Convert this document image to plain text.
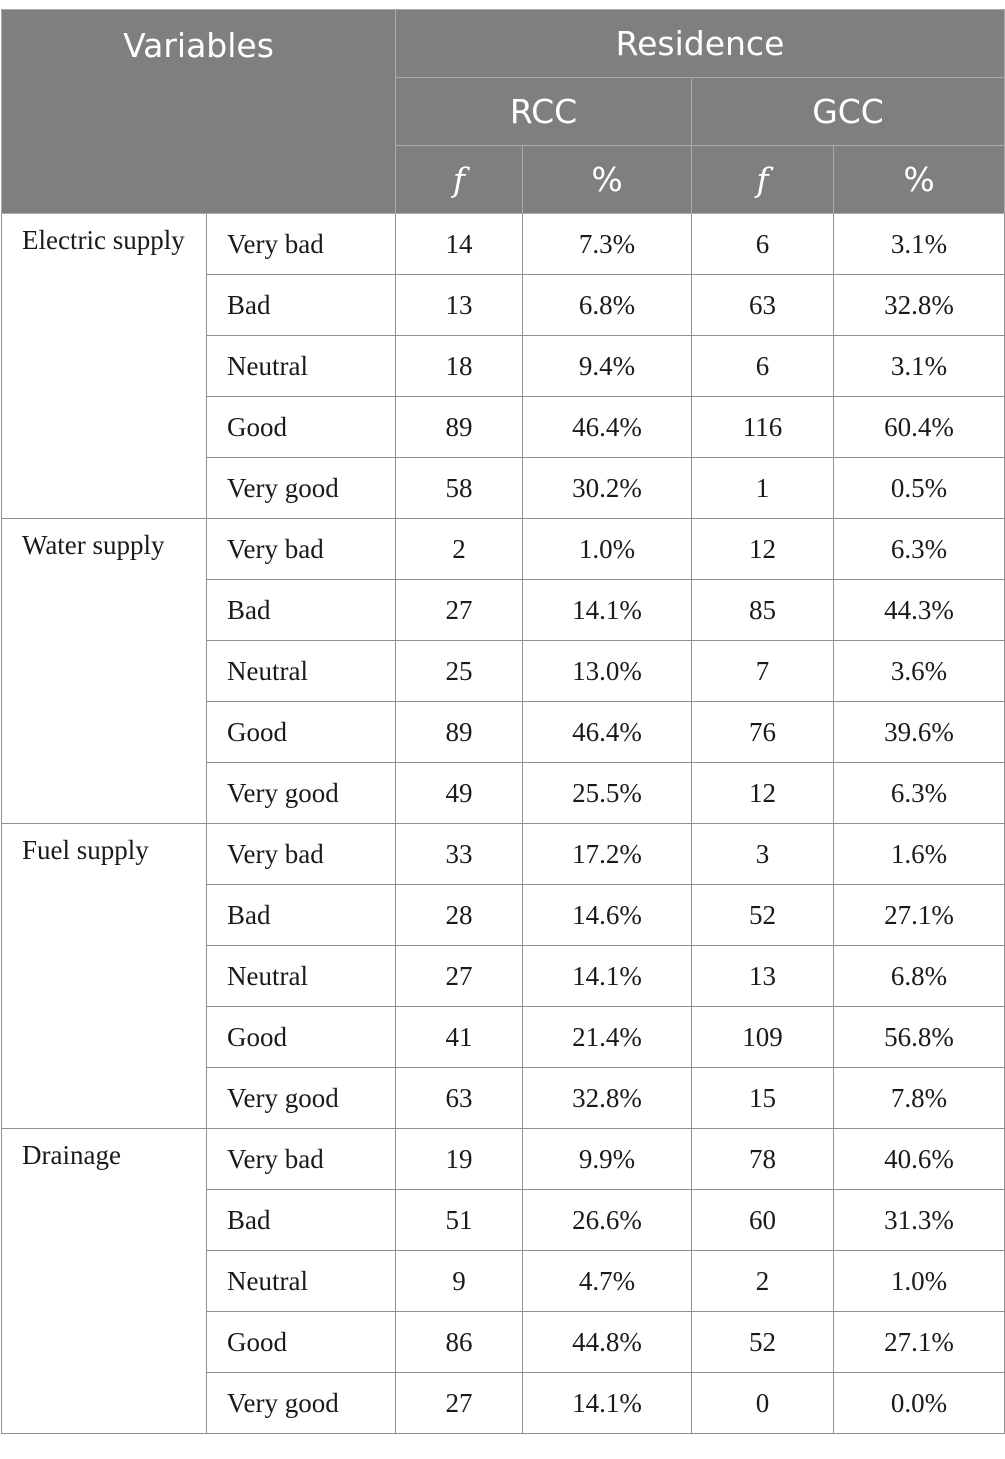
Variables		Residence			
		RCC		GCC	
		f	%	f	%

Electric supply	Very bad	14	7.3%	6	3.1%
	Bad	13	6.8%	63	32.8%
	Neutral	18	9.4%	6	3.1%
	Good	89	46.4%	116	60.4%
	Very good	58	30.2%	1	0.5%

Water supply	Very bad	2	1.0%	12	6.3%
	Bad	27	14.1%	85	44.3%
	Neutral	25	13.0%	7	3.6%
	Good	89	46.4%	76	39.6%
	Very good	49	25.5%	12	6.3%

Fuel supply	Very bad	33	17.2%	3	1.6%
	Bad	28	14.6%	52	27.1%
	Neutral	27	14.1%	13	6.8%
	Good	41	21.4%	109	56.8%
	Very good	63	32.8%	15	7.8%

Drainage	Very bad	19	9.9%	78	40.6%
	Bad	51	26.6%	60	31.3%
	Neutral	9	4.7%	2	1.0%
	Good	86	44.8%	52	27.1%
	Very good	27	14.1%	0	0.0%
